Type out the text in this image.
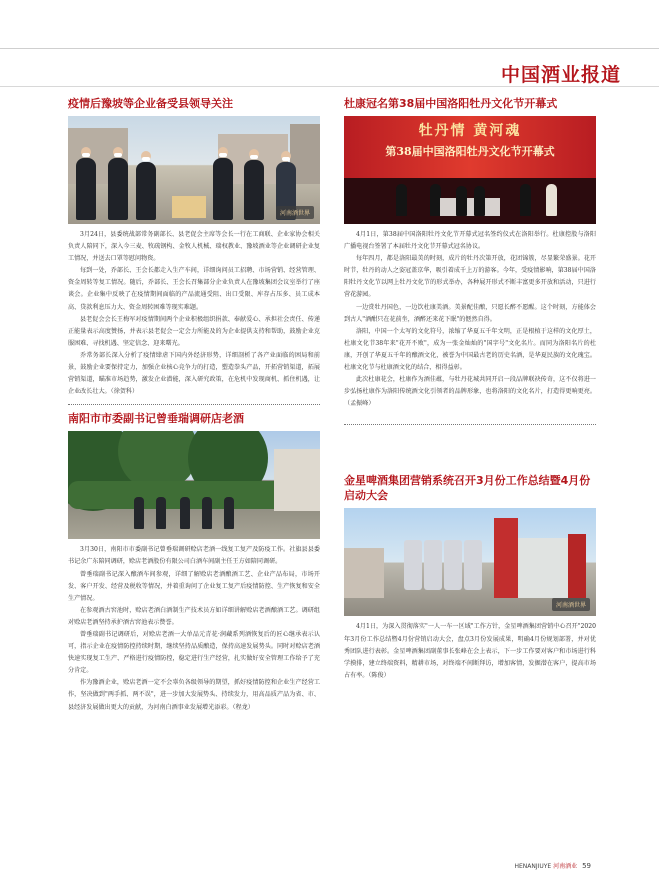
中国酒业报道
疫情后豫坡等企业备受县领导关注
河南酒世界

3月24日，县委统战部常务副部长、县老促会主席等会长一行在工商联、企业家协会相关负责人陪同下，深入今三麦、牧疏钢构、金牧人机械、瑞权教业、豫坡酒业等企业调研企业复工情况，并送去口罩等慰问物资。

每到一处，乔部长、王会长都走入生产车间，详细询问员工招聘、市场营销、经营管理、资金周转等复工情况。随后，乔部长、王会长召集部分企业负责人在豫坡集团会议室举行了座谈会。企业集中反映了在疫情期间面临的产品流通受阻、出口受限、库存占压多、员工成本高、贷款利息压力大、资金周转困难等现实难题。

县老促会会长王梅军对疫情期间两个企业积极组织捐款、奉献爱心、承担社会责任、传递正能量表示高度赞扬，并表示县老促会一定会力所能及的为企业提供支持和帮助，鼓励企业克服困难、寻找机遇、坚定信念、迎来曙光。

乔常务部长深入分析了疫情肆虐下国内外经济形势，详细剖析了各产业面临的困局和前景，鼓励企业要保持定力，加强企业核心竞争力的打造，塑造拳头产品，开拓营销渠道，拓展营销渠道，瞄准市场趋势，激发企业潜能，深入研究政策，在危机中发现商机、抓住机遇，让企业改长壮大。（徐贺科）

南阳市市委副书记曾垂瑞调研店老酒

3月30日，南阳市市委副书记曾垂瑞调研赊店老酒一线复工复产及防疫工作。社旗县县委书记余广东陪同调研，赊店老酒股份有限公司白酒车间副主任王方如陪同调研。

曾垂瑞副书记深入酿酒车间参观，详细了解赊店老酒酿酒工艺、企业产品布局，市场开发、客户开发、经营及税收等情况，并着重询问了企业复工复产后疫情防控、生产恢复和安全生产情况。

在参观酒古窖池时，赊店老酒白酒制生产技术员方如详细讲解赊店老酒酿酒工艺。调研组对赊店老酒坚持承护酒古窖池表示赞誉。

曾垂瑞副书记调研后，对赊店老酒一大单品元青花·润藏系列酒恢复后的匠心继承表示认可，指示企业在疫情防控持续时期，继续坚持品质酿造，保持高速发展势头。同时对赊店老酒快速实现复工生产、严格进行疫情防控，稳定进行生产经营，扎实做好安全管理工作给予了充分肯定。

作为豫酒企业，赊店老酒一定不会辜负各级领导的期望，抓好疫情防控和企业生产经营工作，坚决做到"两手抓、两不误"，进一步加大发展势头、持续发力，用高品质产品为省、市、县经济发展做出更大的贡献，为河南白酒事业发展增光添彩。（程龙）

杜康冠名第38届中国洛阳牡丹文化节开幕式
牡丹情 黄河魂
第38届中国洛阳牡丹文化节开幕式

4月1日，第38届中国洛阳牡丹文化节开幕式冠名签约仪式在洛阳举行。杜康控股与洛阳广播电视台签署了本届牡丹文化节开幕式冠名协议。

每年四月，都是洛阳最美的时刻，成片的牡丹次第开放，花团锦簇，尽显繁荣盛景。花开时节，牡丹的动人之姿冠盖京华，吸引着成千上万的游客。今年，受疫情影响，第38届中国洛阳牡丹文化节以网上牡丹文化节的形式举办，各种展开形式不断丰富更多开放和活动，只进行营花游园。

一边赏牡丹国色，一边饮杜康美酒。美景配佳酿，只愿长醉不愿醒。这个时刻，方能体会到古人"酒酣只在花前坐，酒醉还来花下眠"的惬然自得。

洛阳，中国一个太写的文化符号，浓缩了华夏五千年文明，正是根植于这样的文化厚土，杜康文化节38年来"花开不败"，成为一张金灿灿的"国字号"文化名片。而同为洛阳名片的杜康，开创了华夏五千年的酿酒文化，被誉为中国最古老的历史名酒，是华夏民族的文化瑰宝。杜康文化节与杜康酒文化的结合，相得益彰。

此次杜康花会，杜康作为酒佳蕴，与牡丹花城共同开启一段品牌联袂传奇，这不仅将进一步弘扬杜康作为洛阳传统酒文化引领者的品牌形象，也将洛阳的文化名片，打造得更响更亮。（孟振峰）

金星啤酒集团营销系统召开3月份工作总结暨4月份启动大会
河南酒世界

4月1日，为深入贯彻落实"一人一车一区域"工作方针，金星啤酒集团营销中心召开"2020年3月份工作总结暨4月份营销启动大会，盘点3月份发展成果，明确4月份规划部署，并对优秀团队进行表彰。金星啤酒集团副董事长张峰在会上表示，下一步工作要对客户和市场进行科学摸排，建立终端资料，精耕市场，对终端不间断拜访，增加客情，发掘潜在客户，提高市场占有率。（陈俊）

HENANJIUYE 河南酒业 59
